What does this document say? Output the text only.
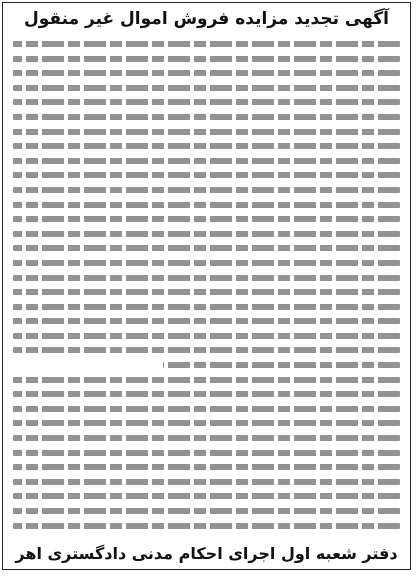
آگهی تجدید مزایده فروش اموال غیر منقول
دفتر شعبه اول اجرای احکام مدنی دادگستری اهر
